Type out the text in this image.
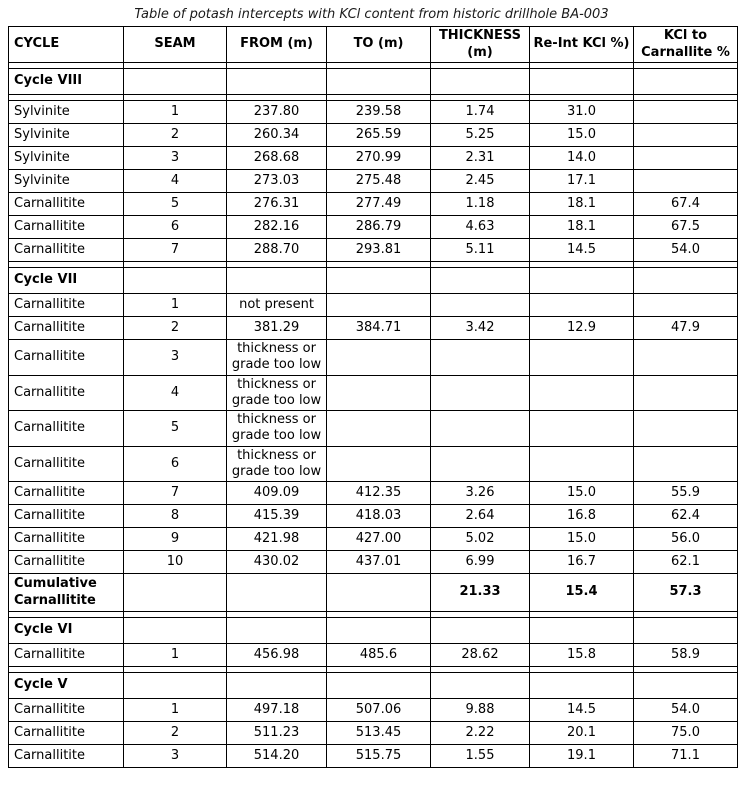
Table of potash intercepts with KCl content from historic drillhole BA-003
CYCLE	SEAM	FROM (m)	TO (m)	THICKNESS (m)	Re-Int KCl %)	KCl to Carnallite %

Cycle VIII						

Sylvinite	1	237.80	239.58	1.74	31.0	
Sylvinite	2	260.34	265.59	5.25	15.0	
Sylvinite	3	268.68	270.99	2.31	14.0	
Sylvinite	4	273.03	275.48	2.45	17.1	
Carnallitite	5	276.31	277.49	1.18	18.1	67.4
Carnallitite	6	282.16	286.79	4.63	18.1	67.5
Carnallitite	7	288.70	293.81	5.11	14.5	54.0

Cycle VII						
Carnallitite	1	not present				
Carnallitite	2	381.29	384.71	3.42	12.9	47.9
Carnallitite	3	thickness or grade too low				
Carnallitite	4	thickness or grade too low				
Carnallitite	5	thickness or grade too low				
Carnallitite	6	thickness or grade too low				
Carnallitite	7	409.09	412.35	3.26	15.0	55.9
Carnallitite	8	415.39	418.03	2.64	16.8	62.4
Carnallitite	9	421.98	427.00	5.02	15.0	56.0
Carnallitite	10	430.02	437.01	6.99	16.7	62.1
Cumulative Carnallitite				21.33	15.4	57.3

Cycle VI						
Carnallitite	1	456.98	485.6	28.62	15.8	58.9

Cycle V						
Carnallitite	1	497.18	507.06	9.88	14.5	54.0
Carnallitite	2	511.23	513.45	2.22	20.1	75.0
Carnallitite	3	514.20	515.75	1.55	19.1	71.1
